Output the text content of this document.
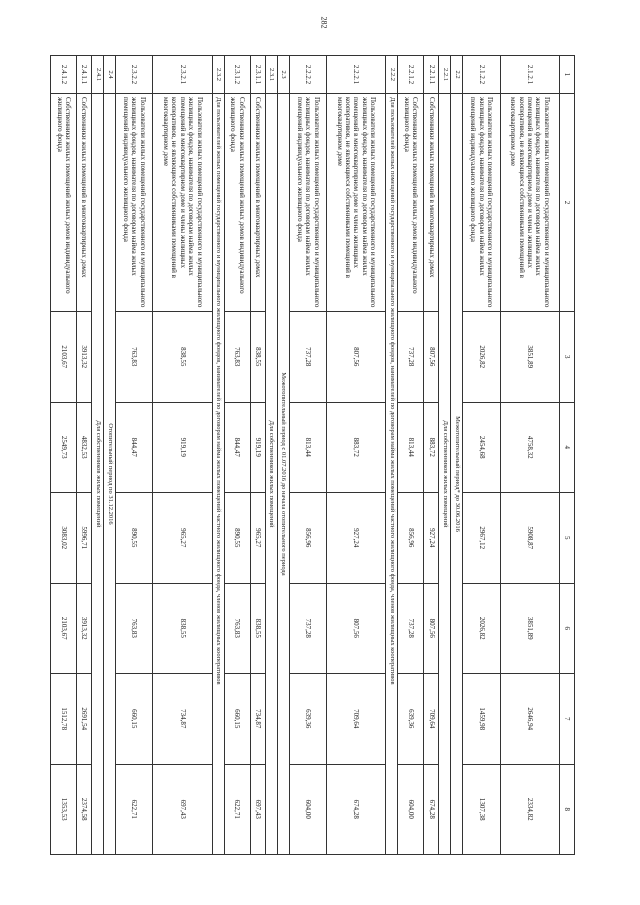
282
1	2	3	4	5	6	7	8
2.1.2.1	Пользователи жилых помещений государственного и муниципального жилищных фондов, нанимателя по договорам найма жилых помещений в многоквартирном доме и члены жилищных кооперативов, не являющиеся собственниками помещений в многоквартирном доме	3851,89	4758,32	5908,87	3851,89	2646,94	2334,82
2.1.2.2	Пользователи жилых помещений государственного и муниципального жилищных фондов, нанимателя по договорам найма жилых помещений индивидуального жилищного фонда	2026,82	2454,68	2967,12	2026,82	1459,98	1307,38
2.2	Межотопительный период* до 30.06.2016						
2.2.1	Для собственников жилых помещений						
2.2.1.1	Собственники жилых помещений в многоквартирных домах	807,56	883,72	927,24	807,56	709,64	674,28
2.2.1.2	Собственники жилых помещений жилых домов индивидуального жилищного фонда	737,28	813,44	856,96	737,28	639,36	604,00
2.2.2	Для пользователей жилых помещений государственного и муниципального жилищного фондов, нанимателей по договорам найма жилых помещений частного жилищного фонда, членов жилищных кооперативов						
2.2.2.1	Пользователи жилых помещений государственного и муниципального жилищных фондов, нанимателя по договорам найма жилых помещений в многоквартирном доме и члены жилищных кооперативов, не являющиеся собственниками помещений в многоквартирном доме	807,56	883,72	927,24	807,56	709,64	674,28
2.2.2.2	Пользователи жилых помещений государственного и муниципального жилищных фондов, нанимателя по договорам найма жилых помещений индивидуального жилищного фонда	737,28	813,44	856,96	737,28	639,36	604,00
2.3	Межотопительный период с 01.07.2016 до начала отопительного периода						
2.3.1	Для собственников жилых помещений						
2.3.1.1	Собственники жилых помещений в многоквартирных домах	838,55	919,19	965,27	838,55	734,87	697,43
2.3.1.2	Собственники жилых помещений жилых домов индивидуального жилищного фонда	763,83	844,47	890,55	763,83	660,15	622,71
2.3.2	Для пользователей жилых помещений государственного и муниципального жилищного фондов, нанимателей по договорам найма жилых помещений частного жилищного фонда, членов жилищных кооперативов						
2.3.2.1	Пользователи жилых помещений государственного и муниципального жилищных фондов, нанимателя по договорам найма жилых помещений в многоквартирном доме и члены жилищных кооперативов, не являющиеся собственниками помещений в многоквартирном доме	838,55	919,19	965,27	838,55	734,87	697,43
2.3.2.2	Пользователи жилых помещений государственного и муниципального жилищных фондов, нанимателя по договорам найма жилых помещений индивидуального жилищного фонда	763,83	844,47	890,55	763,83	660,15	622,71
2.4	Отопительный период по 31.12.2016						
2.4.1	Для собственников жилых помещений						
2.4.1.1	Собственники жилых помещений в многоквартирных домах	3913,32	4832,53	5996,71	3913,32	2691,54	2374,58
2.4.1.2	Собственники жилых помещений жилых домов индивидуального жилищного фонда	2103,67	2549,73	3083,02	2103,67	1512,78	1353,53
